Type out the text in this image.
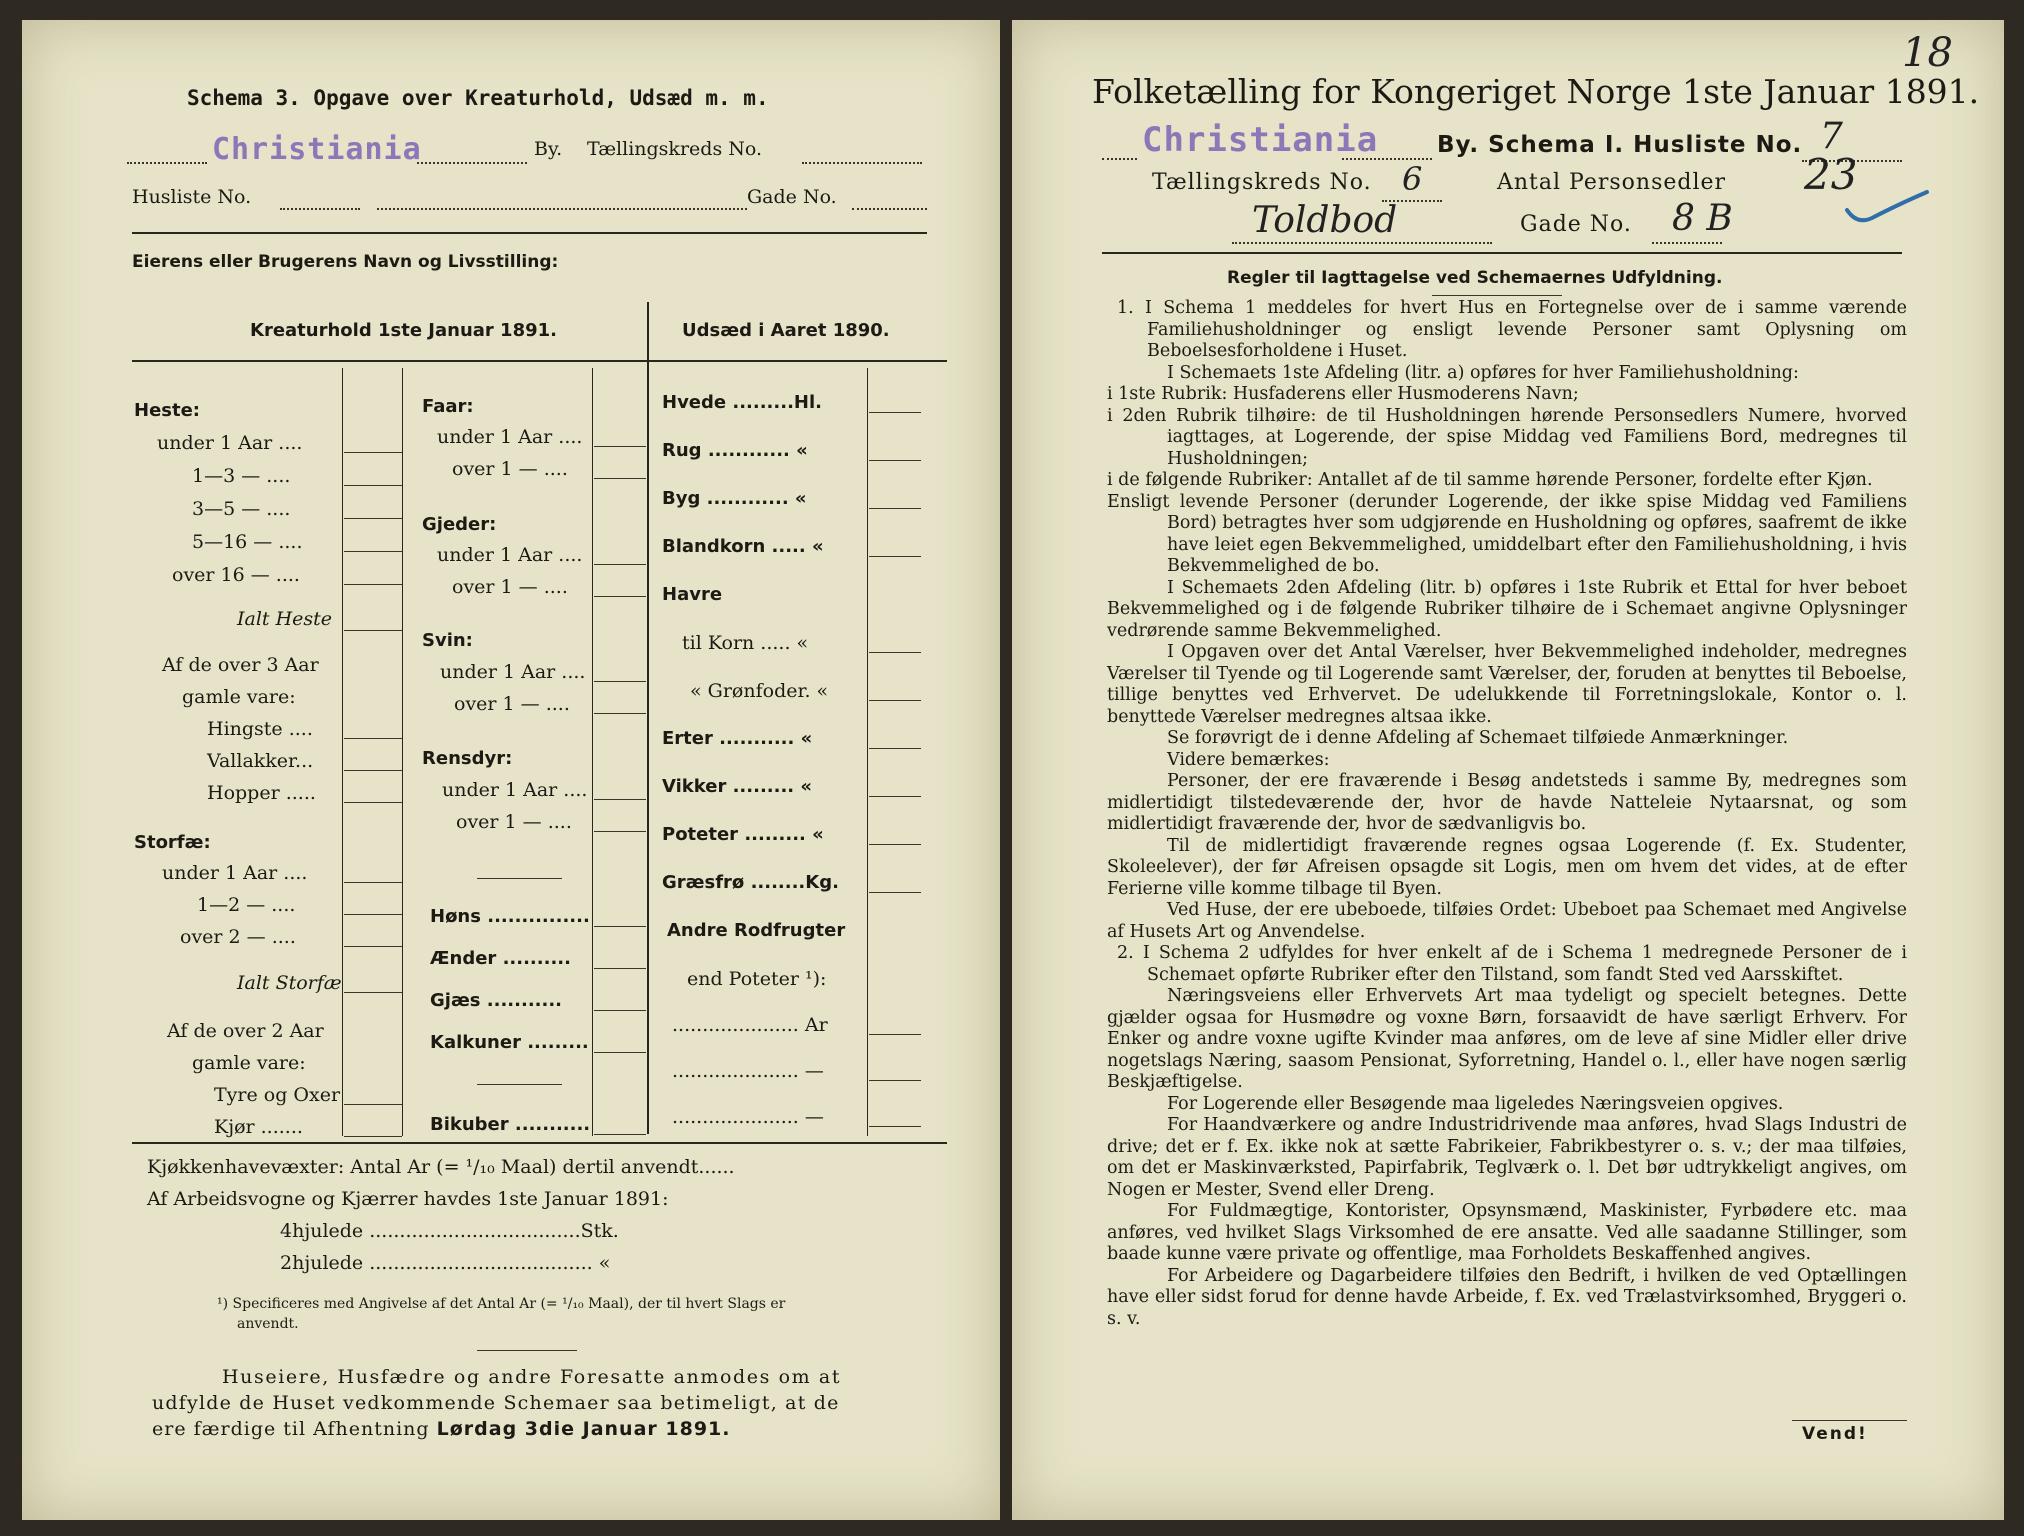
Schema 3. Opgave over Kreaturhold, Udsæd m. m.
Christiania	By. Tællingskreds No.
Husliste No.	Gade No.
Eierens eller Brugerens Navn og Livsstilling:
Kreaturhold 1ste Januar 1891.	Udsæd i Aaret 1890.
Heste:
under 1 Aar ....
1—3 — ....
3—5 — ....
5—16 — ....
over 16 — ....
Ialt Heste
Af de over 3 Aar
gamle vare:
Hingste ....
Vallakker...
Hopper .....
Storfæ:
under 1 Aar ....
1—2 — ....
over 2 — ....
Ialt Storfæ
Af de over 2 Aar
gamle vare:
Tyre og Oxer
Kjør .......
Faar:
under 1 Aar ....
over 1 — ....
Gjeder:
under 1 Aar ....
over 1 — ....
Svin:
under 1 Aar ....
over 1 — ....
Rensdyr:
under 1 Aar ....
over 1 — ....
Høns ...............
Ænder ..........
Gjæs ...........
Kalkuner .........
Bikuber ...........
Hvede .........Hl.
Rug ............ «
Byg ............ «
Blandkorn ..... «
Havre
til Korn ..... «
« Grønfoder. «
Erter ........... «
Vikker ......... «
Poteter ......... «
Græsfrø ........Kg.
Andre Rodfrugter
end Poteter ¹):
..................... Ar
..................... —
..................... —
Kjøkkenhavevæxter: Antal Ar (= ¹/₁₀ Maal) dertil anvendt......
Af Arbeidsvogne og Kjærrer havdes 1ste Januar 1891:
4hjulede ...................................Stk.
2hjulede ..................................... «
¹) Specificeres med Angivelse af det Antal Ar (= ¹/₁₀ Maal), der til hvert Slags er
anvendt.
Huseiere, Husfædre og andre Foresatte anmodes om at
udfylde de Huset vedkommende Schemaer saa betimeligt, at de
ere færdige til Afhentning Lørdag 3die Januar 1891.
18
Folketælling for Kongeriget Norge 1ste Januar 1891.
Christiania	By. Schema I. Husliste No. 7
Tællingskreds No. 6	Antal Personsedler 23
Toldbod	Gade No. 8 B
Regler til Iagttagelse ved Schemaernes Udfyldning.

1. I Schema 1 meddeles for hvert Hus en Fortegnelse over de i samme værende Familiehusholdninger og ensligt levende Personer samt Oplysning om Beboelsesforholdene i Huset.

I Schemaets 1ste Afdeling (litr. a) opføres for hver Familiehusholdning:

i 1ste Rubrik: Husfaderens eller Husmoderens Navn;

i 2den Rubrik tilhøire: de til Husholdningen hørende Personsedlers Numere, hvorved iagttages, at Logerende, der spise Middag ved Familiens Bord, medregnes til Husholdningen;

i de følgende Rubriker: Antallet af de til samme hørende Personer, fordelte efter Kjøn.

Ensligt levende Personer (derunder Logerende, der ikke spise Middag ved Familiens Bord) betragtes hver som udgjørende en Husholdning og opføres, saafremt de ikke have leiet egen Bekvemmelighed, umiddelbart efter den Familiehusholdning, i hvis Bekvemmelighed de bo.

I Schemaets 2den Afdeling (litr. b) opføres i 1ste Rubrik et Ettal for hver beboet Bekvemmelighed og i de følgende Rubriker tilhøire de i Schemaet angivne Oplysninger vedrørende samme Bekvemmelighed.

I Opgaven over det Antal Værelser, hver Bekvemmelighed indeholder, medregnes Værelser til Tyende og til Logerende samt Værelser, der, foruden at benyttes til Beboelse, tillige benyttes ved Erhvervet. De udelukkende til Forretningslokale, Kontor o. l. benyttede Værelser medregnes altsaa ikke.

Se forøvrigt de i denne Afdeling af Schemaet tilføiede Anmærkninger.

Videre bemærkes:

Personer, der ere fraværende i Besøg andetsteds i samme By, medregnes som midlertidigt tilstedeværende der, hvor de havde Natteleie Nytaarsnat, og som midlertidigt fraværende der, hvor de sædvanligvis bo.

Til de midlertidigt fraværende regnes ogsaa Logerende (f. Ex. Studenter, Skoleelever), der før Afreisen opsagde sit Logis, men om hvem det vides, at de efter Ferierne ville komme tilbage til Byen.

Ved Huse, der ere ubeboede, tilføies Ordet: Ubeboet paa Schemaet med Angivelse af Husets Art og Anvendelse.

2. I Schema 2 udfyldes for hver enkelt af de i Schema 1 medregnede Personer de i Schemaet opførte Rubriker efter den Tilstand, som fandt Sted ved Aarsskiftet.

Næringsveiens eller Erhvervets Art maa tydeligt og specielt betegnes. Dette gjælder ogsaa for Husmødre og voxne Børn, forsaavidt de have særligt Erhverv. For Enker og andre voxne ugifte Kvinder maa anføres, om de leve af sine Midler eller drive nogetslags Næring, saasom Pensionat, Syforretning, Handel o. l., eller have nogen særlig Beskjæftigelse.

For Logerende eller Besøgende maa ligeledes Næringsveien opgives.

For Haandværkere og andre Industridrivende maa anføres, hvad Slags Industri de drive; det er f. Ex. ikke nok at sætte Fabrikeier, Fabrikbestyrer o. s. v.; der maa tilføies, om det er Maskinværksted, Papirfabrik, Teglværk o. l. Det bør udtrykkeligt angives, om Nogen er Mester, Svend eller Dreng.

For Fuldmægtige, Kontorister, Opsynsmænd, Maskinister, Fyrbødere etc. maa anføres, ved hvilket Slags Virksomhed de ere ansatte. Ved alle saadanne Stillinger, som baade kunne være private og offentlige, maa Forholdets Beskaffenhed angives.

For Arbeidere og Dagarbeidere tilføies den Bedrift, i hvilken de ved Optællingen have eller sidst forud for denne havde Arbeide, f. Ex. ved Trælastvirksomhed, Bryggeri o. s. v.

Vend!
